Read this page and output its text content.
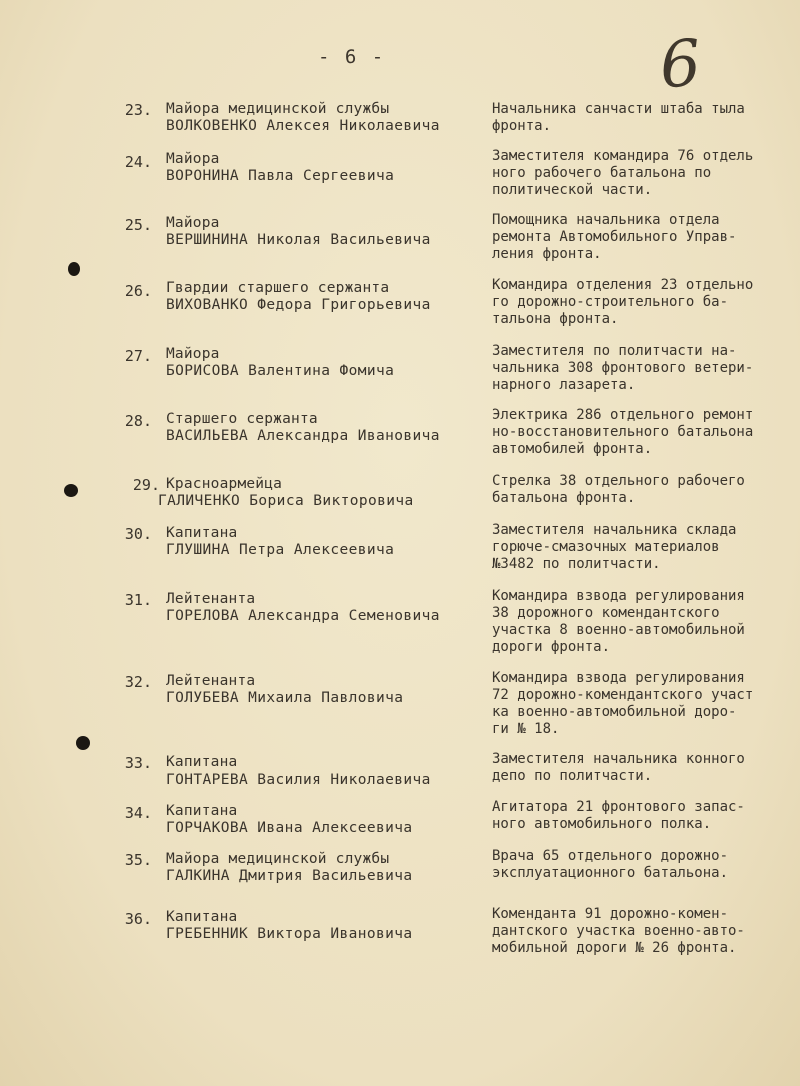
- 6 -	6
23. Майора медицинской службы
ВОЛКОВЕНКО Алексея Николаевича
Начальника санчасти штаба тыла
фронта.
24. Майора
ВОРОНИНА Павла Сергеевича
Заместителя командира 76 отдель
ного рабочего батальона по
политической части.
25. Майора
ВЕРШИНИНА Николая Васильевича
Помощника начальника отдела
ремонта Автомобильного Управ-
ления фронта.
26. Гвардии старшего сержанта
ВИХОВАНКО Федора Григорьевича
Командира отделения 23 отдельно
го дорожно-строительного ба-
тальона фронта.
27. Майора
БОРИСОВА Валентина Фомича
Заместителя по политчасти на-
чальника 308 фронтового ветери-
нарного лазарета.
28. Старшего сержанта
ВАСИЛЬЕВА Александра Ивановича
Электрика 286 отдельного ремонт
но-восстановительного батальона
автомобилей фронта.
29. Красноармейца
ГАЛИЧЕНКО Бориса Викторовича
Стрелка 38 отдельного рабочего
батальона фронта.
30. Капитана
ГЛУШИНА Петра Алексеевича
Заместителя начальника склада
горюче-смазочных материалов
№3482 по политчасти.
31. Лейтенанта
ГОРЕЛОВА Александра Семеновича
Командира взвода регулирования
38 дорожного комендантского
участка 8 военно-автомобильной
дороги фронта.
32. Лейтенанта
ГОЛУБЕВА Михаила Павловича
Командира взвода регулирования
72 дорожно-комендантского участ
ка военно-автомобильной доро-
ги № 18.
33. Капитана
ГОНТАРЕВА Василия Николаевича
Заместителя начальника конного
депо по политчасти.
34. Капитана
ГОРЧАКОВА Ивана Алексеевича
Агитатора 21 фронтового запас-
ного автомобильного полка.
35. Майора медицинской службы
ГАЛКИНА Дмитрия Васильевича
Врача 65 отдельного дорожно-
эксплуатационного батальона.
36. Капитана
ГРЕБЕННИК Виктора Ивановича
Коменданта 91 дорожно-комен-
дантского участка военно-авто-
мобильной дороги № 26 фронта.
